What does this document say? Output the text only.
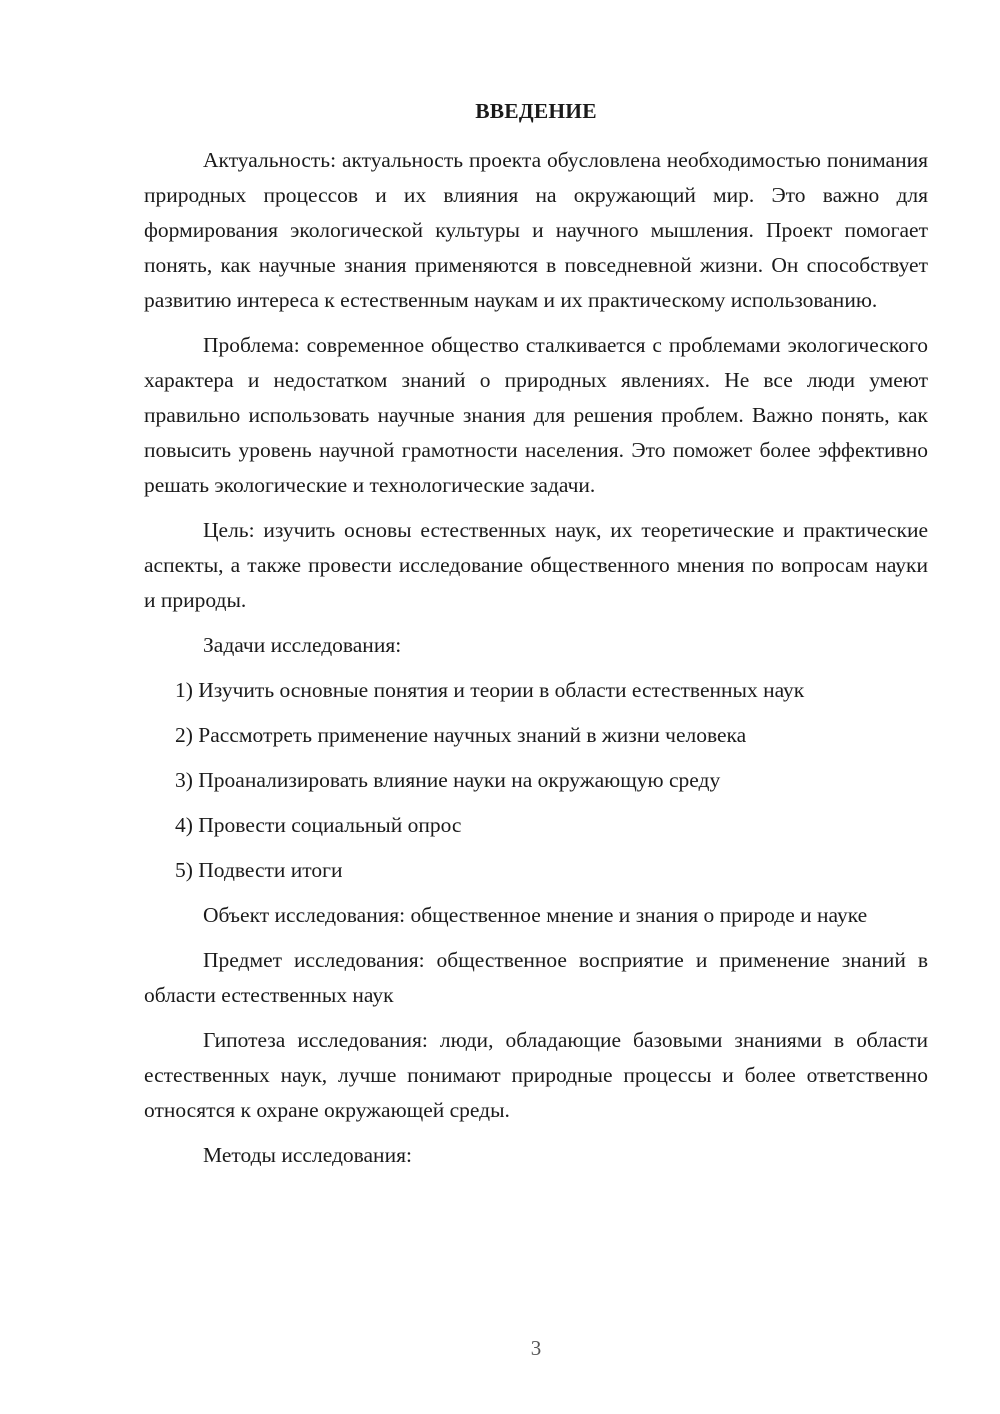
ВВЕДЕНИЕ

Актуальность: актуальность проекта обусловлена необходимостью понимания природных процессов и их влияния на окружающий мир. Это важно для формирования экологической культуры и научного мышления. Проект помогает понять, как научные знания применяются в повседневной жизни. Он способствует развитию интереса к естественным наукам и их практическому использованию.

Проблема: современное общество сталкивается с проблемами экологического характера и недостатком знаний о природных явлениях. Не все люди умеют правильно использовать научные знания для решения проблем. Важно понять, как повысить уровень научной грамотности населения. Это поможет более эффективно решать экологические и технологические задачи.

Цель: изучить основы естественных наук, их теоретические и практические аспекты, а также провести исследование общественного мнения по вопросам науки и природы.

Задачи исследования:

1) Изучить основные понятия и теории в области естественных наук

2) Рассмотреть применение научных знаний в жизни человека

3) Проанализировать влияние науки на окружающую среду

4) Провести социальный опрос

5) Подвести итоги

Объект исследования: общественное мнение и знания о природе и науке

Предмет исследования: общественное восприятие и применение знаний в области естественных наук

Гипотеза исследования: люди, обладающие базовыми знаниями в области естественных наук, лучше понимают природные процессы и более ответственно относятся к охране окружающей среды.

Методы исследования:

3
